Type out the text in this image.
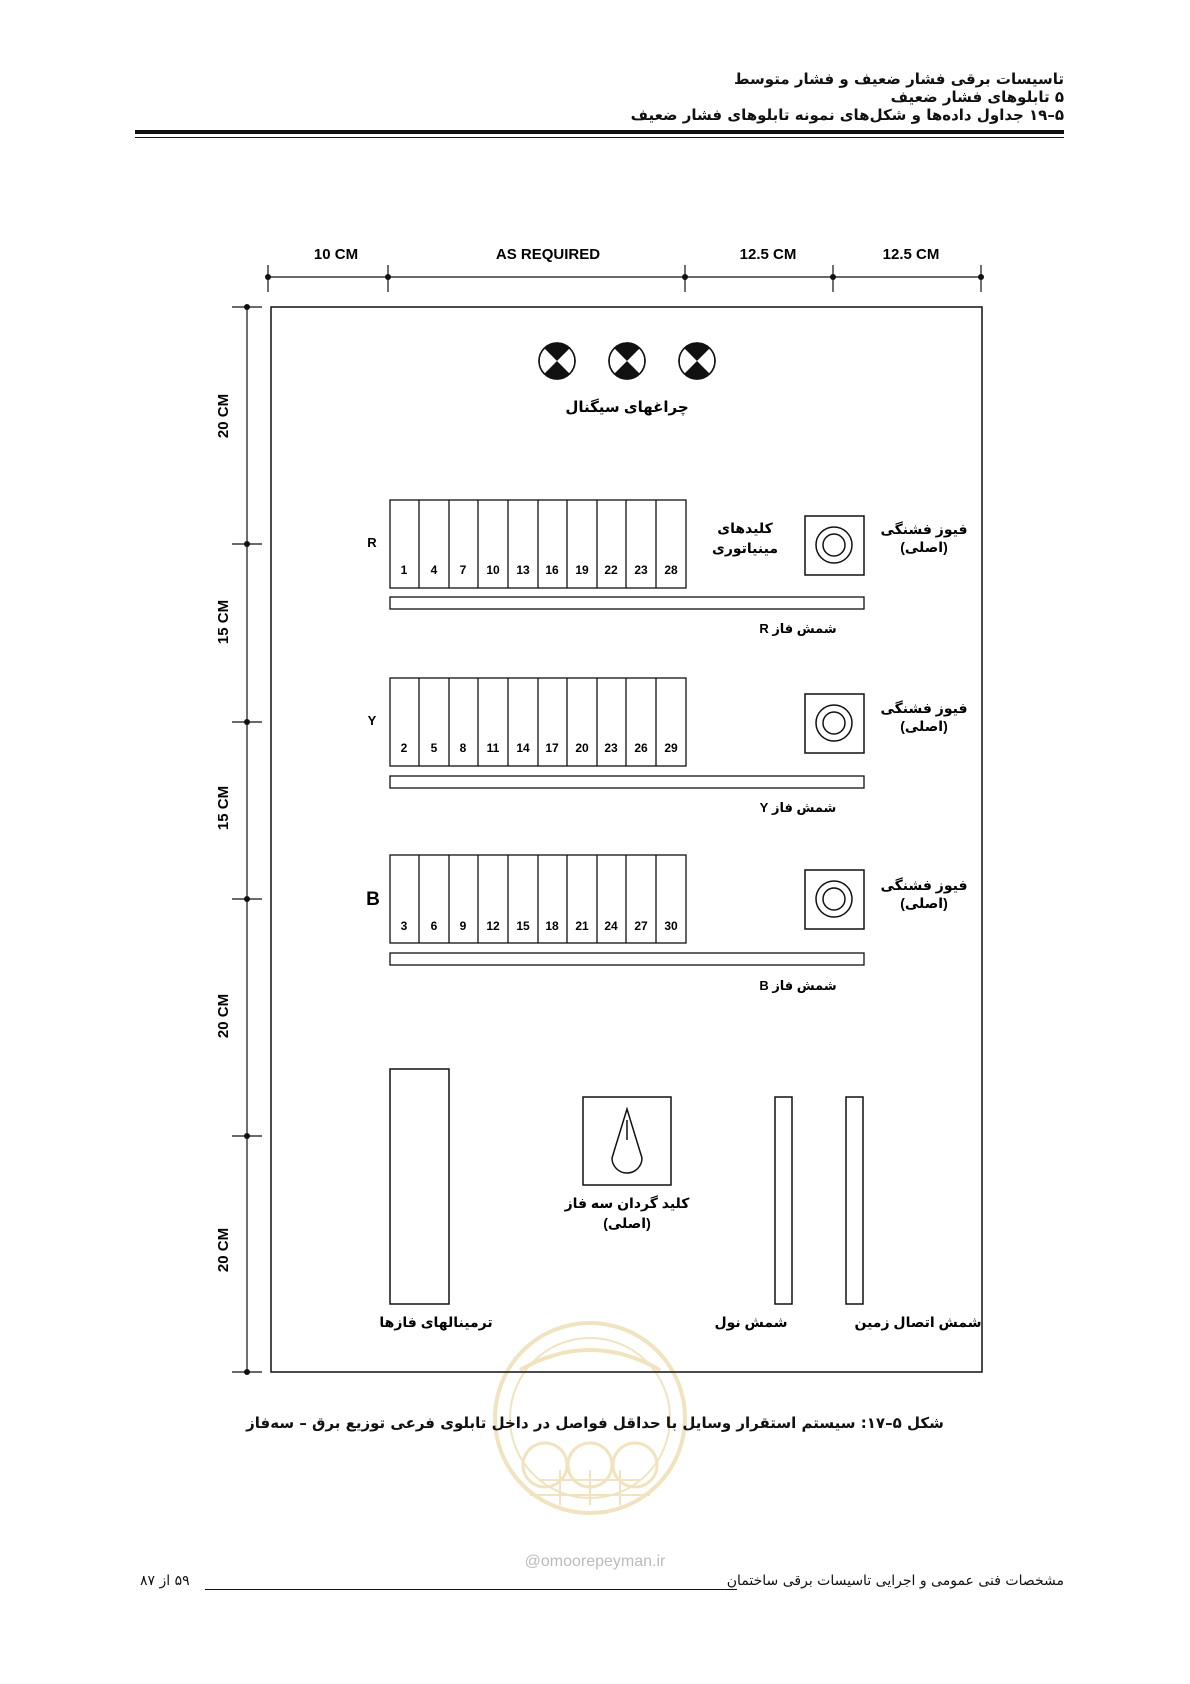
تاسیسات برقی فشار ضعیف و فشار متوسط
۵ تابلوهای فشار ضعیف
۵–۱۹ جداول داده‌ها و شکل‌های نمونه تابلوهای فشار ضعیف
@omoorepeyman.ir
10 CM	AS REQUIRED	12.5 CM	12.5 CM
20 CM
15 CM
15 CM
20 CM
20 CM
چراغهای سیگنال
کلیدهای
مینیاتوری
R
1 4 7 10 13 16 19 22 23 28
شمش فاز R
فیوز فشنگی
(اصلی)
Y
2 5 8 11 14 17 20 23 26 29
شمش فاز Y
فیوز فشنگی
(اصلی)
B
3 6 9 12 15 18 21 24 27 30
شمش فاز B
فیوز فشنگی
(اصلی)
ترمینالهای فازها
کلید گردان سه فاز
(اصلی)
شمش نول	شمش اتصال زمین
شکل ۵–۱۷: سیستم استقرار وسایل با حداقل فواصل در داخل تابلوی فرعی توزیع برق – سه‌فاز
مشخصات فنی عمومی و اجرایی تاسیسات برقی ساختمان
۵۹ از ۸۷
